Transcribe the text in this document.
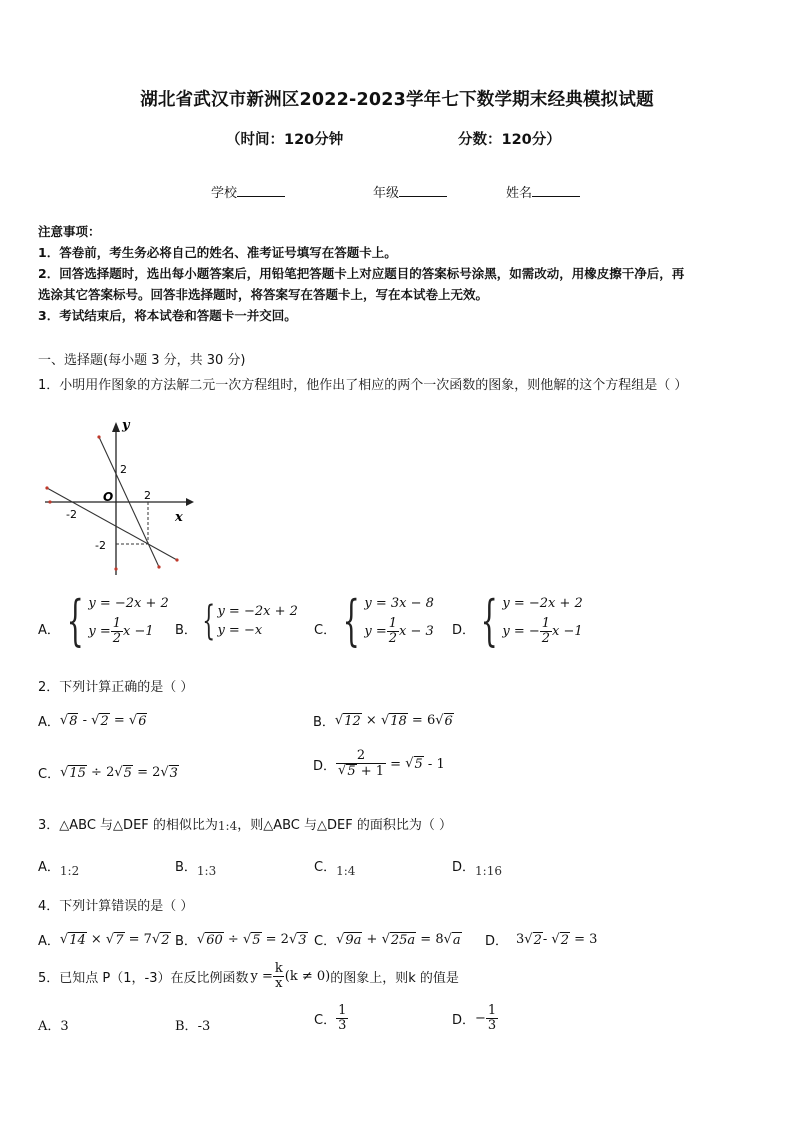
湖北省武汉市新洲区2022-2023学年七下数学期末经典模拟试题
（时间：120分钟	分数：120分）
学校	年级	姓名
注意事项：
1．答卷前，考生务必将自己的姓名、准考证号填写在答题卡上。
2．回答选择题时，选出每小题答案后，用铅笔把答题卡上对应题目的答案标号涂黑，如需改动，用橡皮擦干净后，再
选涂其它答案标号。回答非选择题时，将答案写在答题卡上，写在本试卷上无效。
3．考试结束后，将本试卷和答题卡一并交回。
一、选择题(每小题 3 分，共 30 分)
1．小明用作图象的方法解二元一次方程组时，他作出了相应的两个一次函数的图象，则他解的这个方程组是（ ）
y
x
O
2
2
-2
-2
A． { y = −2x + 2
$y = \frac{1}{2}$ x −1 B． { y = −2x + 2
y = −x	C． { y = 3x − 8
$y = \frac{1}{2}$ x − 3 D． { y = −2x + 2
y = − $\frac{1}{2}$ x −1
2．下列计算正确的是（ ）
A． √ 8 - √ 2 = √ 6	B． √ 12 × √ 18 = 6 √ 6
C． √ 15 ÷ 2 √ 5 = 2 √ 3	D． $\frac{2}{√ 5 + 1}$ = √ 5 - 1
3．△ABC 与△DEF 的相似比为 1:4 ，则△ABC 与△DEF 的面积比为（ ）
A．1:2	B．1:3	C．1:4	D．1:16
4．下列计算错误的是（ ）
A． √ 14 × √ 7 = 7 √ 2 B． √ 60 ÷ √ 5 = 2 √ 3 C． √ 9a + √ 25a = 8 √ a D． 3 √ 2 - √ 2 = 3
5．已知点 P（1，-3）在反比例函数 $y = \frac{k}{x} (k \ne 0)$ 的图象上，则k 的值是
A．3	B．-3	C． $\frac{1}{3}$	D． − $\frac{1}{3}$
